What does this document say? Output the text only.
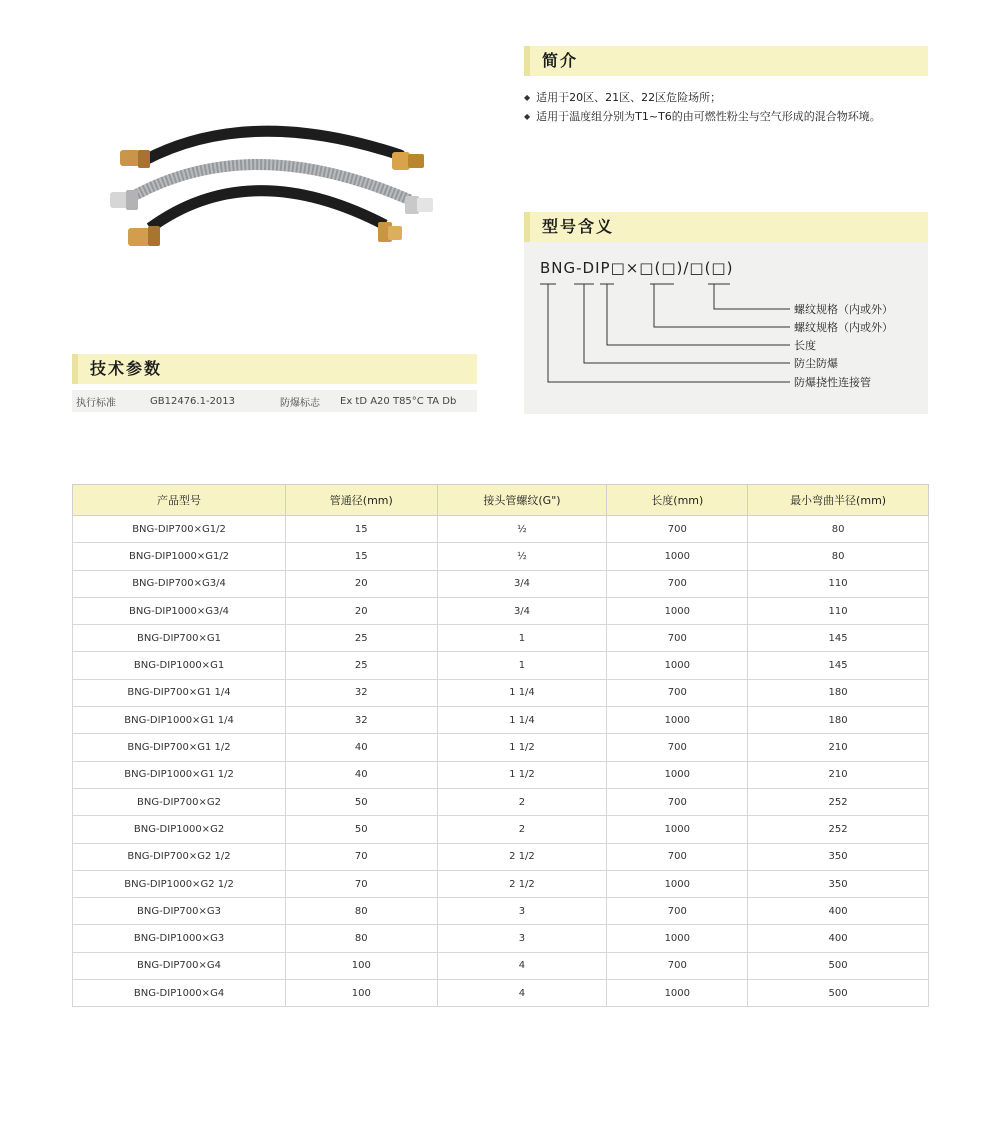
简介
◆ 适用于20区、21区、22区危险场所；
◆ 适用于温度组分别为T1~T6的由可燃性粉尘与空气形成的混合物环境。
技术参数
执行标准	GB12476.1-2013	防爆标志	Ex tD A20 T85°C TA Db
型号含义
BNG-DIP□×□(□)/□(□)
螺纹规格（内或外）
螺纹规格（内或外）
长度
防尘防爆
防爆挠性连接管
产品型号	管通径(mm)	接头管螺纹(G")	长度(mm)	最小弯曲半径(mm)
BNG-DIP700×G1/2	15	½	700	80
BNG-DIP1000×G1/2	15	½	1000	80
BNG-DIP700×G3/4	20	3/4	700	110
BNG-DIP1000×G3/4	20	3/4	1000	110
BNG-DIP700×G1	25	1	700	145
BNG-DIP1000×G1	25	1	1000	145
BNG-DIP700×G1 1/4	32	1 1/4	700	180
BNG-DIP1000×G1 1/4	32	1 1/4	1000	180
BNG-DIP700×G1 1/2	40	1 1/2	700	210
BNG-DIP1000×G1 1/2	40	1 1/2	1000	210
BNG-DIP700×G2	50	2	700	252
BNG-DIP1000×G2	50	2	1000	252
BNG-DIP700×G2 1/2	70	2 1/2	700	350
BNG-DIP1000×G2 1/2	70	2 1/2	1000	350
BNG-DIP700×G3	80	3	700	400
BNG-DIP1000×G3	80	3	1000	400
BNG-DIP700×G4	100	4	700	500
BNG-DIP1000×G4	100	4	1000	500
